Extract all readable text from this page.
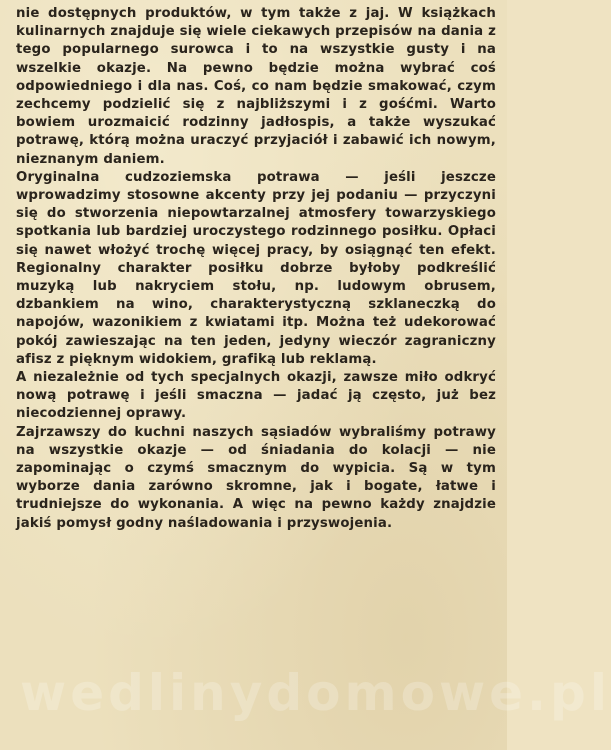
nie dostępnych produktów, w tym także z jaj. W książkach kulinarnych znajduje się wiele ciekawych przepisów na dania z tego popularnego surowca i to na wszystkie gusty i na wszelkie okazje. Na pewno będzie można wybrać coś odpowiedniego i dla nas. Coś, co nam będzie smakować, czym zechcemy podzielić się z najbliższymi i z gośćmi. Warto bowiem urozmaicić rodzinny jadłospis, a także wyszukać potrawę, którą można uraczyć przyjaciół i zabawić ich nowym, nieznanym daniem.

Oryginalna cudzoziemska potrawa — jeśli jeszcze wprowadzimy stosowne akcenty przy jej podaniu — przyczyni się do stworzenia niepowtarzalnej atmosfery towarzyskiego spotkania lub bardziej uroczystego rodzinnego posiłku. Opłaci się nawet włożyć trochę więcej pracy, by osiągnąć ten efekt. Regionalny charakter posiłku dobrze byłoby podkreślić muzyką lub nakryciem stołu, np. ludowym obrusem, dzbankiem na wino, charakterystyczną szklaneczką do napojów, wazonikiem z kwiatami itp. Można też udekorować pokój zawieszając na ten jeden, jedyny wieczór zagraniczny afisz z pięknym widokiem, grafiką lub reklamą.

A niezależnie od tych specjalnych okazji, zawsze miło odkryć nową potrawę i jeśli smaczna — jadać ją często, już bez niecodziennej oprawy.

Zajrzawszy do kuchni naszych sąsiadów wybraliśmy potrawy na wszystkie okazje — od śniadania do kolacji — nie zapominając o czymś smacznym do wypicia. Są w tym wyborze dania zarówno skromne, jak i bogate, łatwe i trudniejsze do wykonania. A więc na pewno każdy znajdzie jakiś pomysł godny naśladowania i przyswojenia.

wedlinydomowe.pl
